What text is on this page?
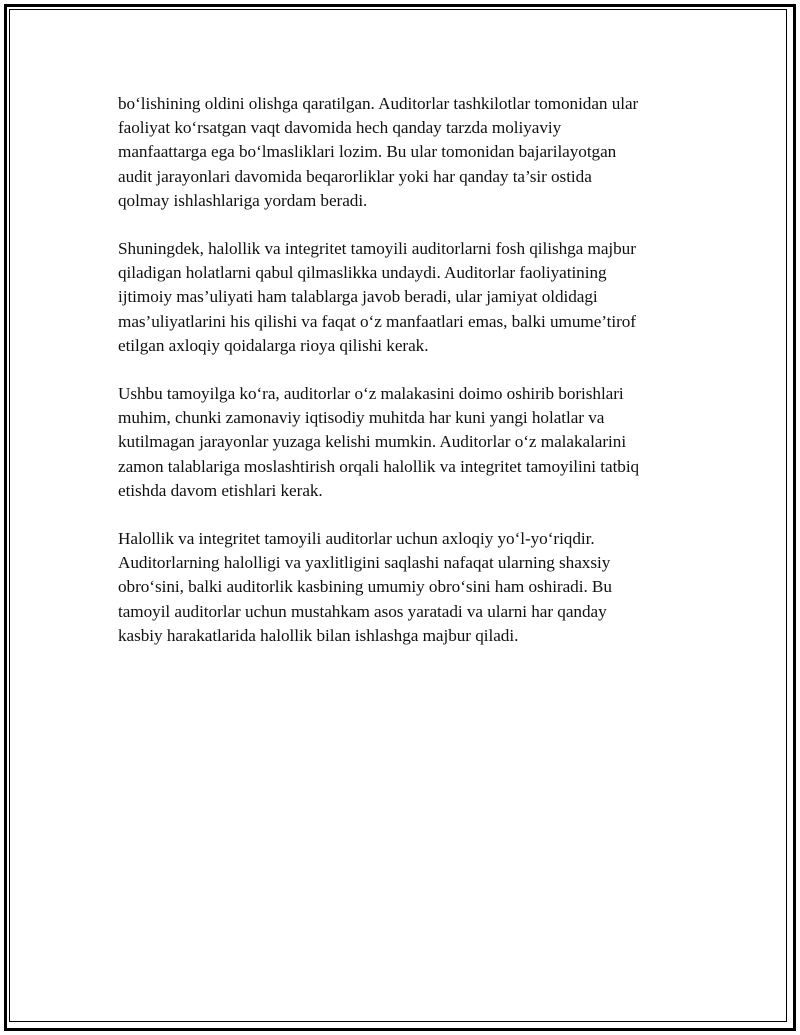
bo‘lishining oldini olishga qaratilgan. Auditorlar tashkilotlar tomonidan ular
faoliyat ko‘rsatgan vaqt davomida hech qanday tarzda moliyaviy
manfaattarga ega bo‘lmasliklari lozim. Bu ular tomonidan bajarilayotgan
audit jarayonlari davomida beqarorliklar yoki har qanday ta’sir ostida
qolmay ishlashlariga yordam beradi.

Shuningdek, halollik va integritet tamoyili auditorlarni fosh qilishga majbur
qiladigan holatlarni qabul qilmaslikka undaydi. Auditorlar faoliyatining
ijtimoiy mas’uliyati ham talablarga javob beradi, ular jamiyat oldidagi
mas’uliyatlarini his qilishi va faqat o‘z manfaatlari emas, balki umume’tirof
etilgan axloqiy qoidalarga rioya qilishi kerak.

Ushbu tamoyilga ko‘ra, auditorlar o‘z malakasini doimo oshirib borishlari
muhim, chunki zamonaviy iqtisodiy muhitda har kuni yangi holatlar va
kutilmagan jarayonlar yuzaga kelishi mumkin. Auditorlar o‘z malakalarini
zamon talablariga moslashtirish orqali halollik va integritet tamoyilini tatbiq
etishda davom etishlari kerak.

Halollik va integritet tamoyili auditorlar uchun axloqiy yo‘l-yo‘riqdir.
Auditorlarning halolligi va yaxlitligini saqlashi nafaqat ularning shaxsiy
obro‘sini, balki auditorlik kasbining umumiy obro‘sini ham oshiradi. Bu
tamoyil auditorlar uchun mustahkam asos yaratadi va ularni har qanday
kasbiy harakatlarida halollik bilan ishlashga majbur qiladi.
